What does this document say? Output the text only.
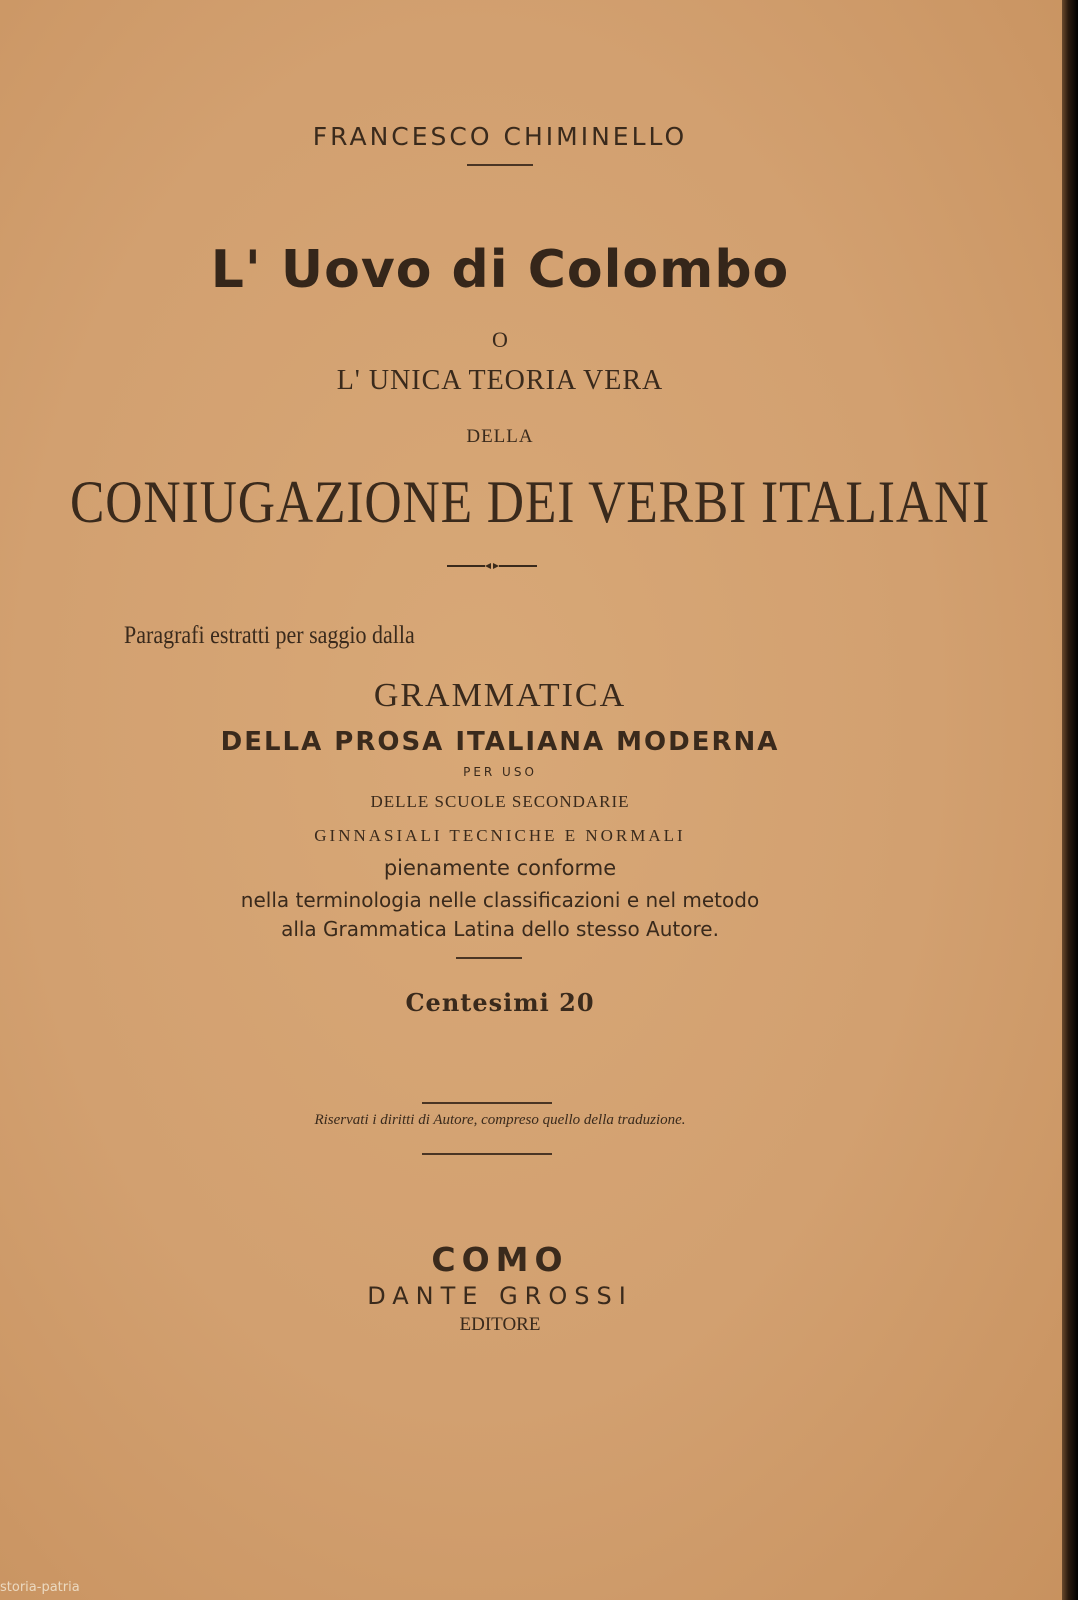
FRANCESCO CHIMINELLO
L' Uovo di Colombo
O
L' UNICA TEORIA VERA
DELLA
CONIUGAZIONE DEI VERBI ITALIANI
Paragrafi estratti per saggio dalla
GRAMMATICA
DELLA PROSA ITALIANA MODERNA
PER USO
DELLE SCUOLE SECONDARIE
GINNASIALI TECNICHE E NORMALI
pienamente conforme
nella terminologia nelle classificazioni e nel metodo
alla Grammatica Latina dello stesso Autore.
Centesimi 20
Riservati i diritti di Autore, compreso quello della traduzione.
COMO
DANTE GROSSI
EDITORE
storia-patria
